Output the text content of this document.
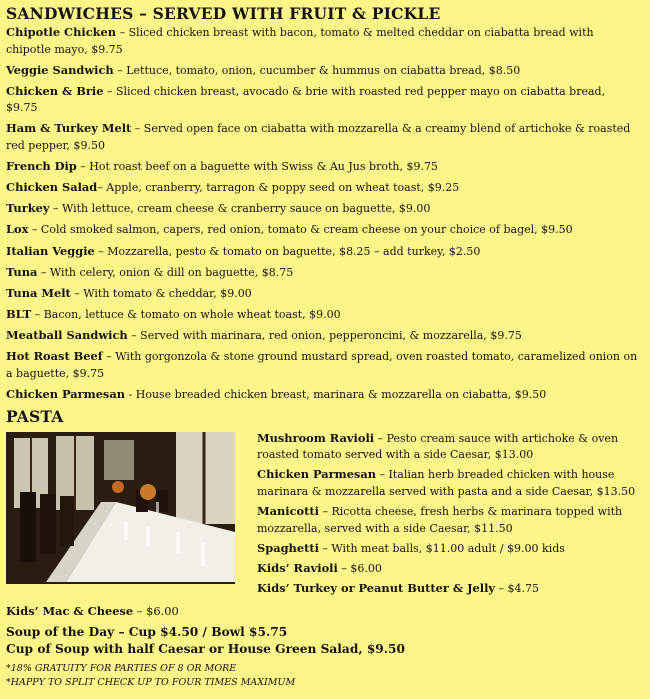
SANDWICHES – SERVED WITH FRUIT & PICKLE

Chipotle Chicken – Sliced chicken breast with bacon, tomato & melted cheddar on ciabatta bread with chipotle mayo, $9.75

Veggie Sandwich – Lettuce, tomato, onion, cucumber & hummus on ciabatta bread, $8.50

Chicken & Brie – Sliced chicken breast, avocado & brie with roasted red pepper mayo on ciabatta bread, $9.75

Ham & Turkey Melt – Served open face on ciabatta with mozzarella & a creamy blend of artichoke & roasted red pepper, $9.50

French Dip – Hot roast beef on a baguette with Swiss & Au Jus broth, $9.75

Chicken Salad– Apple, cranberry, tarragon & poppy seed on wheat toast, $9.25

Turkey – With lettuce, cream cheese & cranberry sauce on baguette, $9.00

Lox – Cold smoked salmon, capers, red onion, tomato & cream cheese on your choice of bagel, $9.50

Italian Veggie – Mozzarella, pesto & tomato on baguette, $8.25 – add turkey, $2.50

Tuna – With celery, onion & dill on baguette, $8.75

Tuna Melt – With tomato & cheddar, $9.00

BLT – Bacon, lettuce & tomato on whole wheat toast, $9.00

Meatball Sandwich – Served with marinara, red onion, pepperoncini, & mozzarella, $9.75

Hot Roast Beef – With gorgonzola & stone ground mustard spread, oven roasted tomato, caramelized onion on a baguette, $9.75

Chicken Parmesan - House breaded chicken breast, marinara & mozzarella on ciabatta, $9.50

PASTA

Mushroom Ravioli – Pesto cream sauce with artichoke & oven roasted tomato served with a side Caesar, $13.00

Chicken Parmesan – Italian herb breaded chicken with house marinara & mozzarella served with pasta and a side Caesar, $13.50

Manicotti – Ricotta cheese, fresh herbs & marinara topped with mozzarella, served with a side Caesar, $11.50

Spaghetti – With meat balls, $11.00 adult / $9.00 kids

Kids’ Ravioli – $6.00

Kids’ Turkey or Peanut Butter & Jelly – $4.75

Kids’ Mac & Cheese – $6.00

Soup of the Day – Cup $4.50 / Bowl $5.75
Cup of Soup with half Caesar or House Green Salad, $9.50
*18% GRATUITY FOR PARTIES OF 8 OR MORE
*HAPPY TO SPLIT CHECK UP TO FOUR TIMES MAXIMUM
